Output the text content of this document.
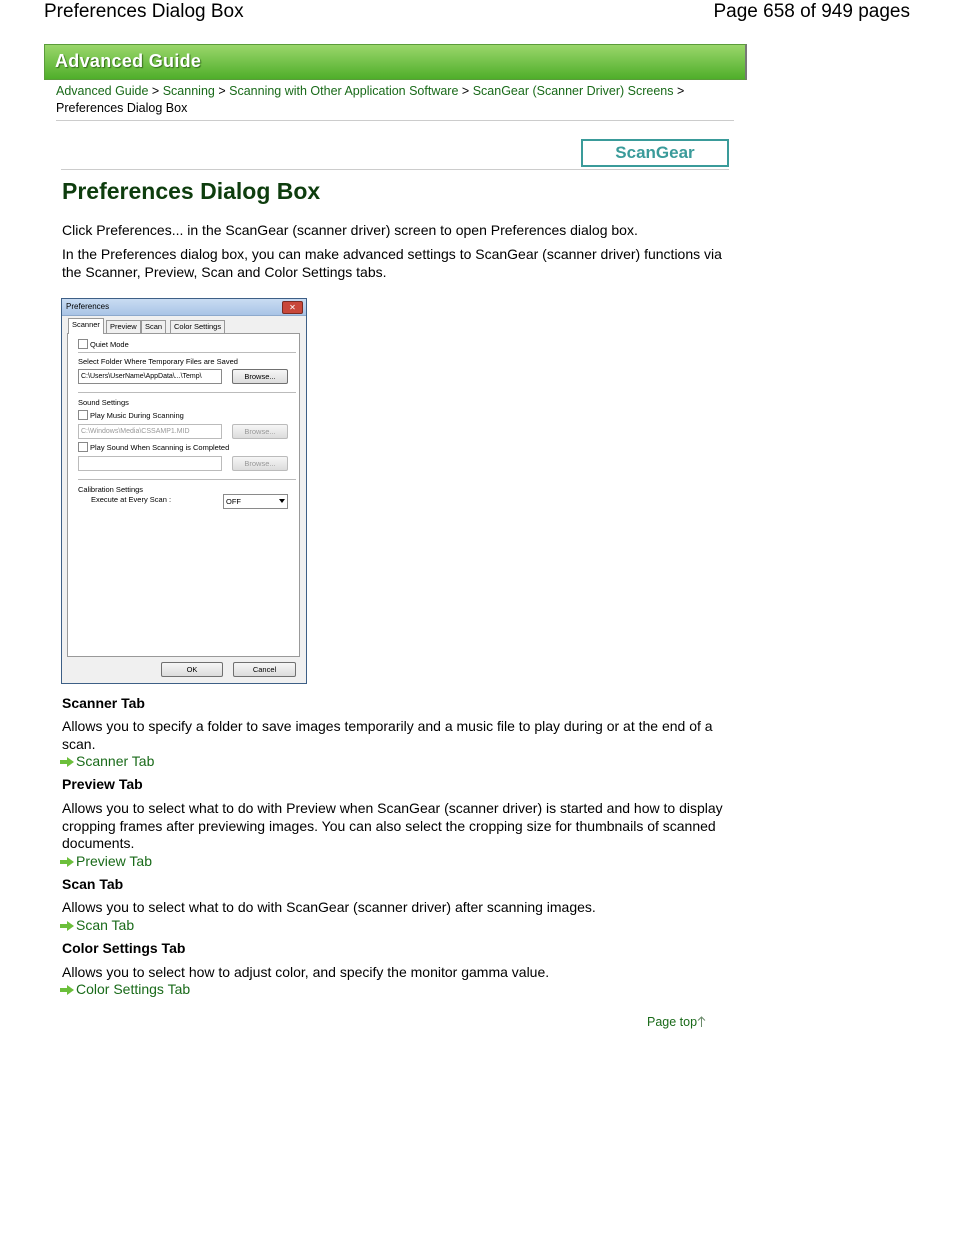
Preferences Dialog Box	Page 658 of 949 pages
Advanced Guide
Advanced Guide > Scanning > Scanning with Other Application Software > ScanGear (Scanner Driver) Screens >
Preferences Dialog Box
ScanGear
Preferences Dialog Box
Click Preferences... in the ScanGear (scanner driver) screen to open Preferences dialog box.
In the Preferences dialog box, you can make advanced settings to ScanGear (scanner driver) functions via the Scanner, Preview, Scan and Color Settings tabs.
Preferences	✕
Scanner	Preview	Scan	Color Settings
Quiet Mode
Select Folder Where Temporary Files are Saved
C:\Users\UserName\AppData\...\Temp\	Browse...
Sound Settings
Play Music During Scanning
C:\Windows\Media\CSSAMP1.MID	Browse...
Play Sound When Scanning is Completed
Browse...
Calibration Settings
Execute at Every Scan :	OFF
OK	Cancel
Scanner Tab
Allows you to specify a folder to save images temporarily and a music file to play during or at the end of a scan.
Scanner Tab
Preview Tab
Allows you to select what to do with Preview when ScanGear (scanner driver) is started and how to display cropping frames after previewing images. You can also select the cropping size for thumbnails of scanned documents.
Preview Tab
Scan Tab
Allows you to select what to do with ScanGear (scanner driver) after scanning images.
Scan Tab
Color Settings Tab
Allows you to select how to adjust color, and specify the monitor gamma value.
Color Settings Tab
Page top
